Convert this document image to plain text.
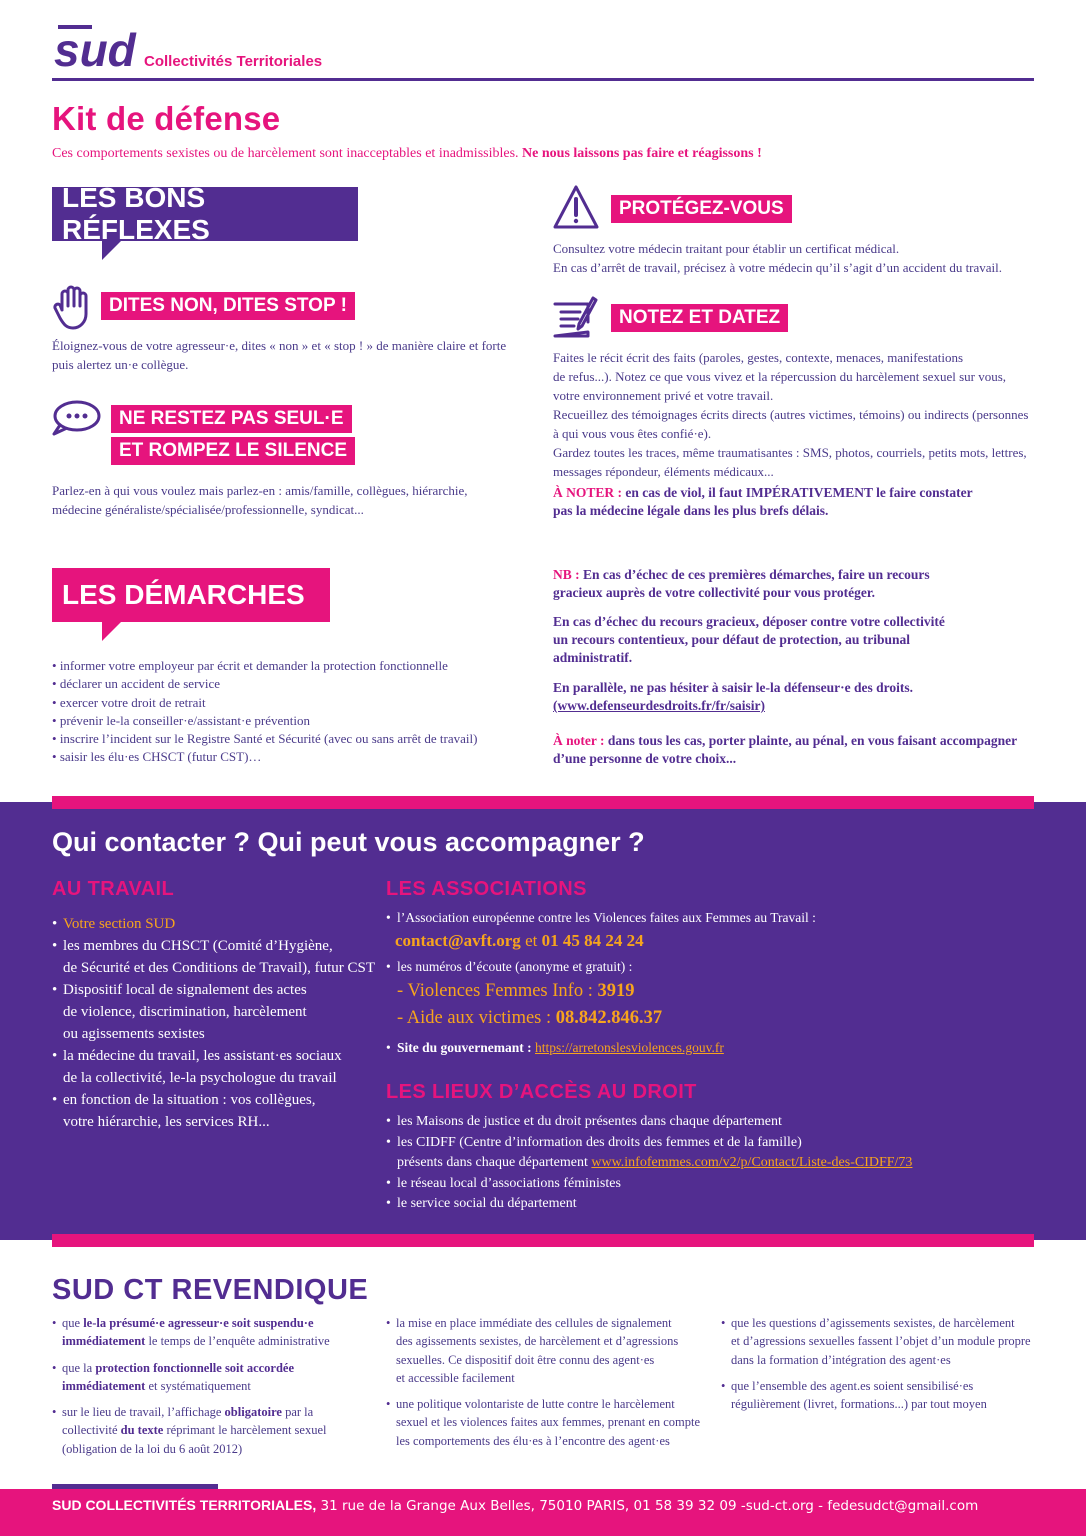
sud Collectivités Territoriales
Kit de défense
Ces comportements sexistes ou de harcèlement sont inacceptables et inadmissibles. Ne nous laissons pas faire et réagissons !
LES BONS RÉFLEXES
DITES NON, DITES STOP !
Éloignez-vous de votre agresseur·e, dites « non » et « stop ! » de manière claire et forte
puis alertez un·e collègue.
NE RESTEZ PAS SEUL·E
ET ROMPEZ LE SILENCE
Parlez-en à qui vous voulez mais parlez-en : amis/famille, collègues, hiérarchie,
médecine généraliste/spécialisée/professionnelle, syndicat...
PROTÉGEZ-VOUS
Consultez votre médecin traitant pour établir un certificat médical.
En cas d’arrêt de travail, précisez à votre médecin qu’il s’agit d’un accident du travail.
NOTEZ ET DATEZ
Faites le récit écrit des faits (paroles, gestes, contexte, menaces, manifestations
de refus...). Notez ce que vous vivez et la répercussion du harcèlement sexuel sur vous,
votre environnement privé et votre travail.
Recueillez des témoignages écrits directs (autres victimes, témoins) ou indirects (personnes
à qui vous vous êtes confié·e).
Gardez toutes les traces, même traumatisantes : SMS, photos, courriels, petits mots, lettres,
messages répondeur, éléments médicaux...
À NOTER : en cas de viol, il faut IMPÉRATIVEMENT le faire constater
pas la médecine légale dans les plus brefs délais.
LES DÉMARCHES
• informer votre employeur par écrit et demander la protection fonctionnelle
• déclarer un accident de service
• exercer votre droit de retrait
• prévenir le-la conseiller·e/assistant·e prévention
• inscrire l’incident sur le Registre Santé et Sécurité (avec ou sans arrêt de travail)
• saisir les élu·es CHSCT (futur CST)…
NB : En cas d’échec de ces premières démarches, faire un recours
gracieux auprès de votre collectivité pour vous protéger.
En cas d’échec du recours gracieux, déposer contre votre collectivité
un recours contentieux, pour défaut de protection, au tribunal
administratif.
En parallèle, ne pas hésiter à saisir le-la défenseur·e des droits.
(www.defenseurdesdroits.fr/fr/saisir)
À noter : dans tous les cas, porter plainte, au pénal, en vous faisant accompagner
d’une personne de votre choix...
Qui contacter ? Qui peut vous accompagner ?
AU TRAVAIL
• Votre section SUD
• les membres du CHSCT (Comité d’Hygiène,
de Sécurité et des Conditions de Travail), futur CST
• Dispositif local de signalement des actes
de violence, discrimination, harcèlement
ou agissements sexistes
• la médecine du travail, les assistant·es sociaux
de la collectivité, le-la psychologue du travail
• en fonction de la situation : vos collègues,
votre hiérarchie, les services RH...
LES ASSOCIATIONS
• l’Association européenne contre les Violences faites aux Femmes au Travail :
contact@avft.org et 01 45 84 24 24
• les numéros d’écoute (anonyme et gratuit) :
- Violences Femmes Info : 3919
- Aide aux victimes : 08.842.846.37
• Site du gouvernemant : https://arretonslesviolences.gouv.fr
LES LIEUX D’ACCÈS AU DROIT
• les Maisons de justice et du droit présentes dans chaque département
• les CIDFF (Centre d’information des droits des femmes et de la famille)
présents dans chaque département www.infofemmes.com/v2/p/Contact/Liste-des-CIDFF/73
• le réseau local d’associations féministes
• le service social du département
SUD CT REVENDIQUE
• que le-la présumé·e agresseur·e soit suspendu·e
immédiatement le temps de l’enquête administrative
• que la protection fonctionnelle soit accordée
immédiatement et systématiquement
• sur le lieu de travail, l’affichage obligatoire par la
collectivité du texte réprimant le harcèlement sexuel
(obligation de la loi du 6 août 2012)
• la mise en place immédiate des cellules de signalement
des agissements sexistes, de harcèlement et d’agressions
sexuelles. Ce dispositif doit être connu des agent·es
et accessible facilement
• une politique volontariste de lutte contre le harcèlement
sexuel et les violences faites aux femmes, prenant en compte
les comportements des élu·es à l’encontre des agent·es
• que les questions d’agissements sexistes, de harcèlement
et d’agressions sexuelles fassent l’objet d’un module propre
dans la formation d’intégration des agent·es
• que l’ensemble des agent.es soient sensibilisé·es
régulièrement (livret, formations...) par tout moyen
SUD COLLECTIVITÉS TERRITORIALES, 31 rue de la Grange Aux Belles, 75010 PARIS, 01 58 39 32 09 -sud-ct.org - fedesudct@gmail.com
